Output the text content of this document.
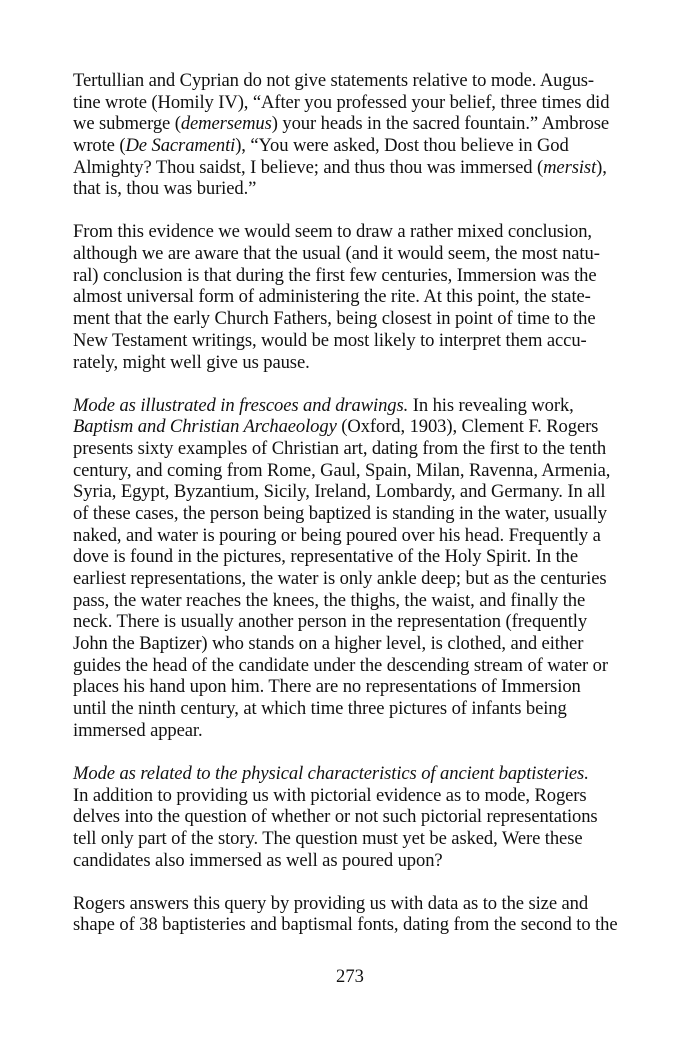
Tertullian and Cyprian do not give statements relative to mode. Augus-
tine wrote (Homily IV), “After you professed your belief, three times did
we submerge (demersemus) your heads in the sacred fountain.” Ambrose
wrote (De Sacramenti), “You were asked, Dost thou believe in God
Almighty? Thou saidst, I believe; and thus thou was immersed (mersist),
that is, thou was buried.”
From this evidence we would seem to draw a rather mixed conclusion,
although we are aware that the usual (and it would seem, the most natu-
ral) conclusion is that during the first few centuries, Immersion was the
almost universal form of administering the rite. At this point, the state-
ment that the early Church Fathers, being closest in point of time to the
New Testament writings, would be most likely to interpret them accu-
rately, might well give us pause.
Mode as illustrated in frescoes and drawings. In his revealing work,
Baptism and Christian Archaeology (Oxford, 1903), Clement F. Rogers
presents sixty examples of Christian art, dating from the first to the tenth
century, and coming from Rome, Gaul, Spain, Milan, Ravenna, Armenia,
Syria, Egypt, Byzantium, Sicily, Ireland, Lombardy, and Germany. In all
of these cases, the person being baptized is standing in the water, usually
naked, and water is pouring or being poured over his head. Frequently a
dove is found in the pictures, representative of the Holy Spirit. In the
earliest representations, the water is only ankle deep; but as the centuries
pass, the water reaches the knees, the thighs, the waist, and finally the
neck. There is usually another person in the representation (frequently
John the Baptizer) who stands on a higher level, is clothed, and either
guides the head of the candidate under the descending stream of water or
places his hand upon him. There are no representations of Immersion
until the ninth century, at which time three pictures of infants being
immersed appear.
Mode as related to the physical characteristics of ancient baptisteries.
In addition to providing us with pictorial evidence as to mode, Rogers
delves into the question of whether or not such pictorial representations
tell only part of the story. The question must yet be asked, Were these
candidates also immersed as well as poured upon?
Rogers answers this query by providing us with data as to the size and
shape of 38 baptisteries and baptismal fonts, dating from the second to the
273
